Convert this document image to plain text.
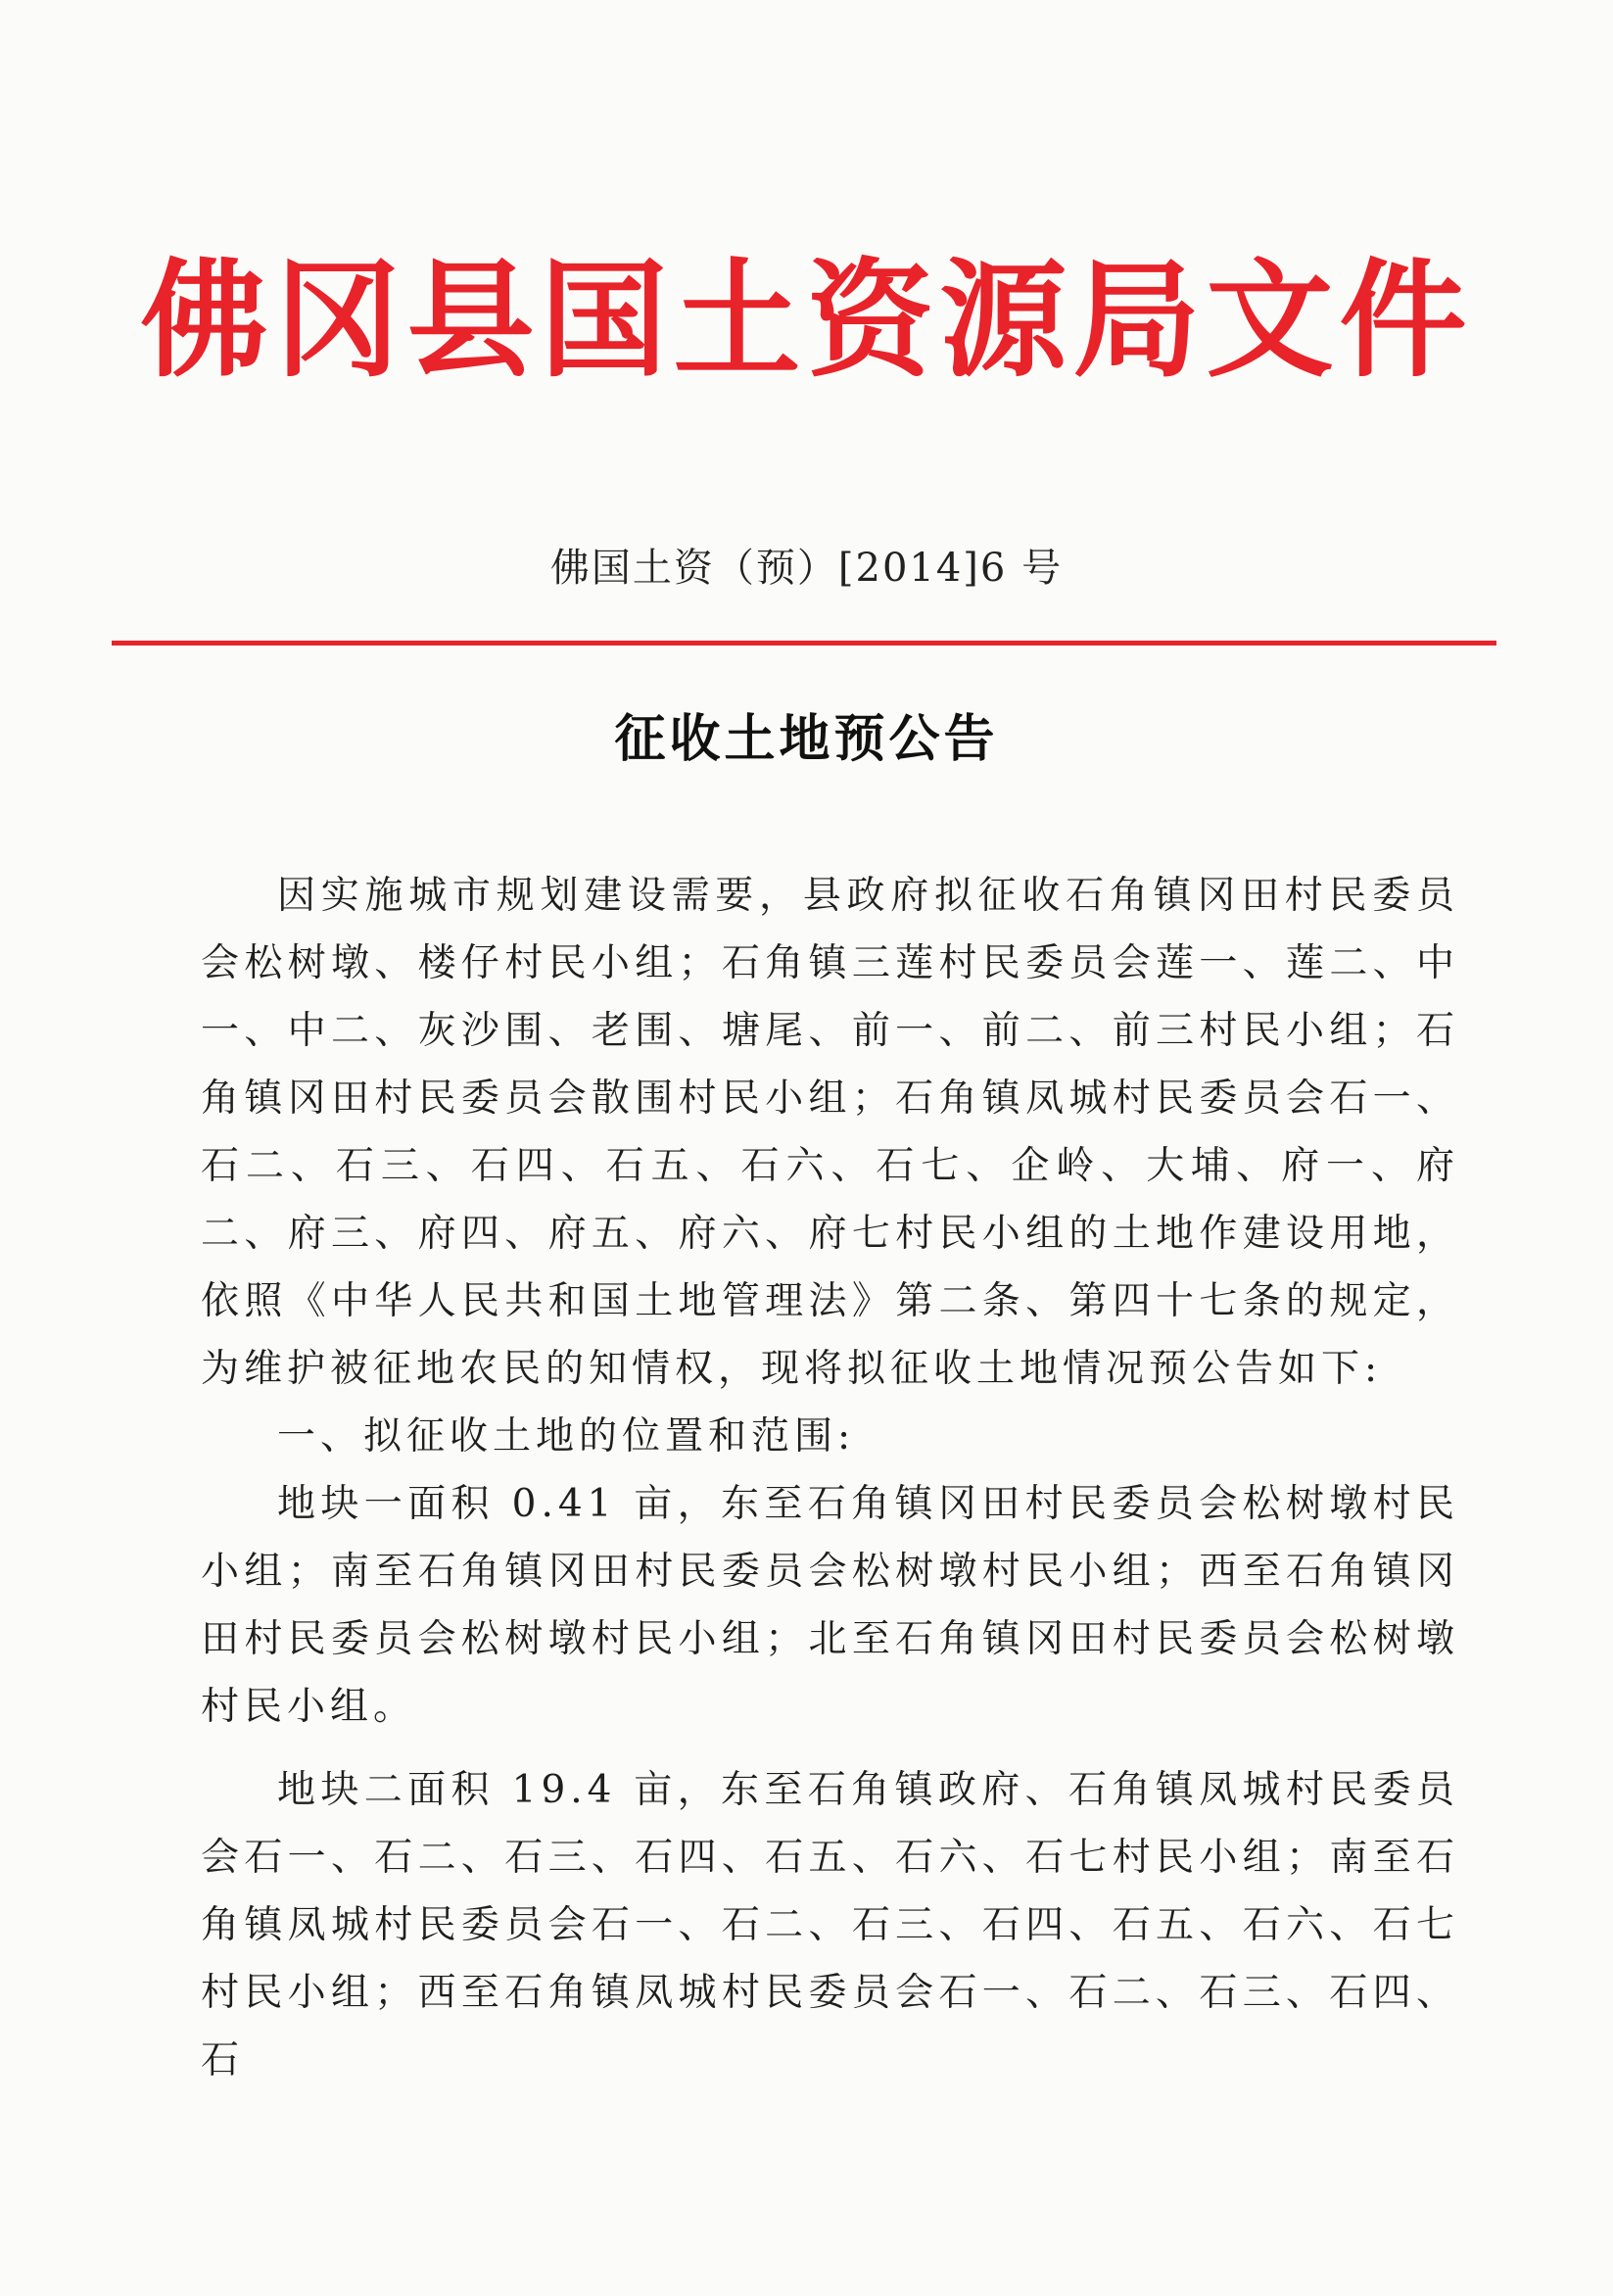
佛冈县国土资源局文件
佛国土资（预）[2014]6 号
征收土地预公告

因实施城市规划建设需要，县政府拟征收石角镇冈田村民委员会松树墩、楼仔村民小组；石角镇三莲村民委员会莲一、莲二、中一、中二、灰沙围、老围、塘尾、前一、前二、前三村民小组；石角镇冈田村民委员会散围村民小组；石角镇凤城村民委员会石一、石二、石三、石四、石五、石六、石七、企岭、大埔、府一、府二、府三、府四、府五、府六、府七村民小组的土地作建设用地，依照《中华人民共和国土地管理法》第二条、第四十七条的规定，为维护被征地农民的知情权，现将拟征收土地情况预公告如下:

一、拟征收土地的位置和范围:

地块一面积 0.41 亩，东至石角镇冈田村民委员会松树墩村民小组；南至石角镇冈田村民委员会松树墩村民小组；西至石角镇冈田村民委员会松树墩村民小组；北至石角镇冈田村民委员会松树墩村民小组。

地块二面积 19.4 亩，东至石角镇政府、石角镇凤城村民委员会石一、石二、石三、石四、石五、石六、石七村民小组；南至石角镇凤城村民委员会石一、石二、石三、石四、石五、石六、石七村民小组；西至石角镇凤城村民委员会石一、石二、石三、石四、石
